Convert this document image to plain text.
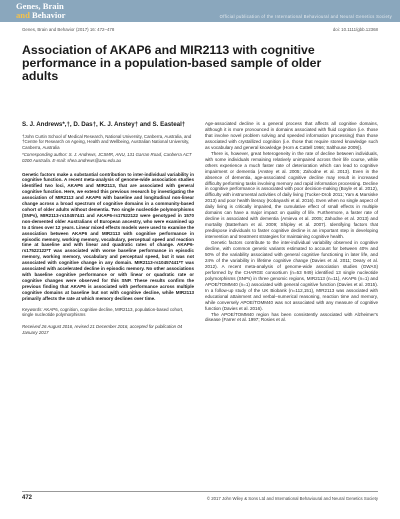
Genes, Brain
and Behavior	Official publication of the International Behavioural and Neural Genetics Society
Genes, Brain and Behavior (2017) 16: 472–478	doi: 10.1111/gbb.12368
Association of AKAP6 and MIR2113 with cognitive performance in a population-based sample of older adults
S. J. Andrews*,†, D. Das†, K. J. Anstey† and S. Easteal†
†John Curtin School of Medical Research, National University, Canberra, Australia, and †Centre for Research on Ageing, Health and Wellbeing, Australian National University, Canberra, Australia
*Corresponding author: S. J. Andrews, JCSMR, ANU, 131 Garran Road, Canberra ACT 0200 Australia. E-mail: shea.andrews@anu.edu.au
Genetic factors make a substantial contribution to inter-individual variability in cognitive function. A recent meta-analysis of genome-wide association studies identified two loci, AKAP6 and MIR2113, that are associated with general cognitive function. Here, we extend this previous research by investigating the association of MIR2113 and AKAP6 with baseline and longitudinal non-linear change across a broad spectrum of cognitive domains in a community-based cohort of older adults without dementia. Two single nucleotide polymorphisms (SNPs), MIR2113-rs10457441 and AKAP6-rs17522122 were genotyped in 1570 non-demented older Australians of European ancestry, who were examined up to 4 times over 12 years. Linear mixed effects models were used to examine the association between AKAP6 and MIR2113 with cognitive performance in episodic memory, working memory, vocabulary, perceptual speed and reaction time at baseline and with linear and quadratic rates of change. AKAP6-rs17522122*T was associated with worse baseline performance in episodic memory, working memory, vocabulary and perceptual speed, but it was not associated with cognitive change in any domain. MIR2113-rs10457441*T was associated with accelerated decline in episodic memory. No other associations with baseline cognitive performance or with linear or quadratic rate or cognitive changes were observed for this SNP. These results confirm the previous finding that AKAP6 is associated with performance across multiple cognitive domains at baseline but not with cognitive decline, while MIR2113 primarily affects the rate at which memory declines over time.
Keywords: AKAP6, cognition, cognitive decline, MIR2113, population-based cohort, single nucleotide polymorphisms
Received 26 August 2016, revised 21 December 2016, accepted for publication 04 January 2017

Age-associated decline is a general process that affects all cognitive domains, although it is more pronounced in domains associated with fluid cognition (i.e. those that involve novel problem solving and speeded information processing) than those associated with crystallized cognition (i.e. those that require stored knowledge such as vocabulary and general knowledge (Horn & Cattell 1966; Salthouse 2009)).

There is, however, great heterogeneity in the rate of decline between individuals, with some individuals remaining relatively unimpaired across their life course, while others experience a much faster rate of deterioration which can lead to cognitive impairment or dementia (Anstey et al. 2005; Zahodne et al. 2013). Even in the absence of dementia, age-associated cognitive decline may result in increased difficulty performing tasks involving memory and rapid information processing. Decline in cognitive performance is associated with poor decision-making (Boyle et al. 2012), difficulty with instrumental activities of daily living (Tucker-Drob 2011; Yam & Marsiske 2013) and poor health literacy (Kobayashi et al. 2016). Even when no single aspect of daily living is critically impaired, the cumulative effect of small effects in multiple domains can have a major impact on quality of life. Furthermore, a faster rate of decline is associated with dementia (Amieva et al. 2005; Zahodne et al. 2013) and mortality (Batterham et al. 2009; Shipley et al. 2007). Identifying factors that predispose individuals to faster cognitive decline is an important step in developing intervention and treatment strategies for maintaining cognitive health.

Genetic factors contribute to the inter-individual variability observed in cognitive decline, with common genetic variants estimated to account for between 40% and 50% of the variability associated with general cognitive functioning in later life, and 24% of the variability in lifetime cognitive change (Davies et al. 2011; Deary et al. 2012). A recent meta-analysis of genome-wide association studies (GWAS) performed by the CHARGE consortium (n=53 949) identified 13 single nucleotide polymorphisms (SNPs) in three genomic regions, MIR2113 (n=11), AKAP6 (n=1) and APOE/TOMM40 (n=1) associated with general cognitive function (Davies et al. 2015). In a follow-up study of the UK Biobank (n=112,151), MIR2113 was associated with educational attainment and verbal–numerical reasoning, reaction time and memory, while conversely APOE/TOMM40 was not associated with any measure of cognitive function (Davies et al. 2016).

The APOE/TOMM40 region has been consistently associated with Alzheimer's disease (Farrer et al. 1997; Rosies et al.

472	© 2017 John Wiley & Sons Ltd and International Behavioural and Neural Genetics Society
